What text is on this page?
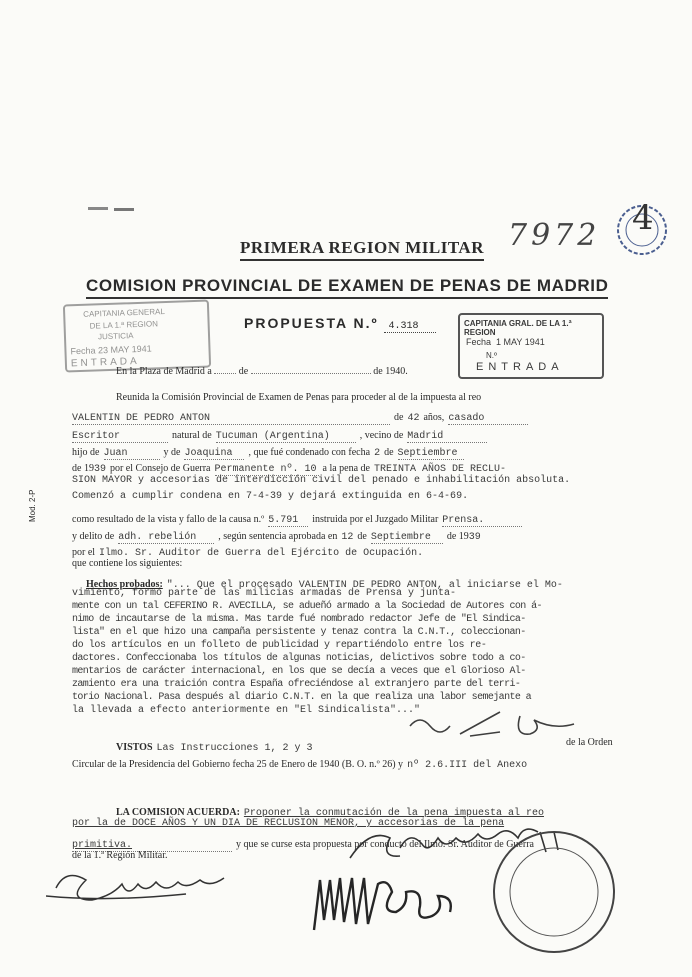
7972 4
PRIMERA REGION MILITAR
COMISION PROVINCIAL DE EXAMEN DE PENAS DE MADRID
PROPUESTA N.º 4.318
CAPITANIA GENERAL
DE LA 1.ª REGION
JUSTICIA
Fecha 23 MAY 1941
ENTRADA
CAPITANIA GRAL. DE LA 1.ª REGION
Fecha 1 MAY 1941
N.º
ENTRADA
Mod. 2-P
En la Plaza de Madrid a	de	de 1940.
Reunida la Comisión Provincial de Examen de Penas para proceder al de la impuesta al reo
VALENTIN DE PEDRO ANTON	de 42 años, casado
Escritor	natural de Tucuman (Argentina)	, vecino de Madrid
hijo de Juan	y de Joaquina , que fué condenado con fecha 2 de Septiembre
de 1939 por el Consejo de Guerra Permanente nº. 10 a la pena de TREINTA AÑOS DE RECLU-
SION MAYOR y accesorias de interdicción civil del penado e inhabilitación absoluta.
Comenzó a cumplir condena en 7-4-39 y dejará extinguida en 6-4-69.
como resultado de la vista y fallo de la causa n.º 5.791 instruida por el Juzgado Militar Prensa.
y delito de adh. rebelión , según sentencia aprobada en 12 de Septiembre de 1939
por el Ilmo. Sr. Auditor de Guerra del Ejército de Ocupación.
que contiene los siguientes:
Hechos probados: "... Que el procesado VALENTIN DE PEDRO ANTON, al iniciarse el Mo-
vimiento, formó parte de las milicias armadas de Prensa y junta-
mente con un tal CEFERINO R. AVECILLA, se adueñó armado a la Sociedad de Autores con á-
nimo de incautarse de la misma. Mas tarde fué nombrado redactor Jefe de "El Sindica-
lista" en el que hizo una campaña persistente y tenaz contra la C.N.T., coleccionan-
do los artículos en un folleto de publicidad y repartiéndolo entre los re-
dactores. Confeccionaba los títulos de algunas noticias, delictivos sobre todo a co-
mentarios de carácter internacional, en los que se decía a veces que el Glorioso Al-
zamiento era una traición contra España ofreciéndose al extranjero parte del terri-
torio Nacional. Pasa después al diario C.N.T. en la que realiza una labor semejante a
la llevada a efecto anteriormente en "El Sindicalista"..."
VISTOS Las Instrucciones 1, 2 y 3
de la Orden
Circular de la Presidencia del Gobierno fecha 25 de Enero de 1940 (B. O. n.º 26) y nº 2.6.III del Anexo
LA COMISION ACUERDA: Proponer la conmutación de la pena impuesta al reo
por la de DOCE AÑOS Y UN DIA DE RECLUSION MENOR, y accesorias de la pena
primitiva.	y que se curse esta propuesta por conducto del Ilmo. Sr. Auditor de Guerra
de la 1.ª Región Militar.
